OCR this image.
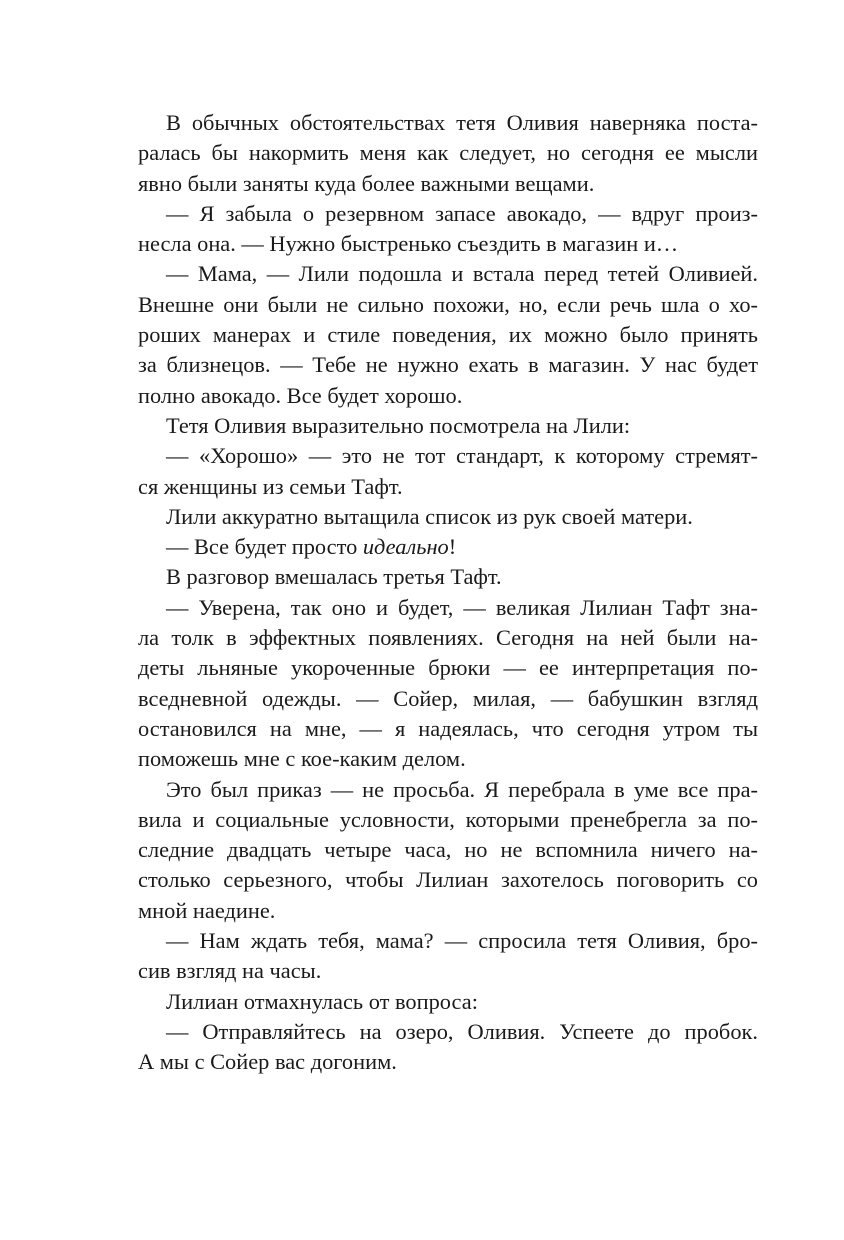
В обычных обстоятельствах тетя Оливия наверняка поста-
ралась бы накормить меня как следует, но сегодня ее мысли
явно были заняты куда более важными вещами.
— Я забыла о резервном запасе авокадо, — вдруг произ-
несла она. — Нужно быстренько съездить в магазин и…
— Мама, — Лили подошла и встала перед тетей Оливией.
Внешне они были не сильно похожи, но, если речь шла о хо-
роших манерах и стиле поведения, их можно было принять
за близнецов. — Тебе не нужно ехать в магазин. У нас будет
полно авокадо. Все будет хорошо.
Тетя Оливия выразительно посмотрела на Лили:
— «Хорошо» — это не тот стандарт, к которому стремят-
ся женщины из семьи Тафт.
Лили аккуратно вытащила список из рук своей матери.
— Все будет просто идеально!
В разговор вмешалась третья Тафт.
— Уверена, так оно и будет, — великая Лилиан Тафт зна-
ла толк в эффектных появлениях. Сегодня на ней были на-
деты льняные укороченные брюки — ее интерпретация по-
вседневной одежды. — Сойер, милая, — бабушкин взгляд
остановился на мне, — я надеялась, что сегодня утром ты
поможешь мне с кое-каким делом.
Это был приказ — не просьба. Я перебрала в уме все пра-
вила и социальные условности, которыми пренебрегла за по-
следние двадцать четыре часа, но не вспомнила ничего на-
столько серьезного, чтобы Лилиан захотелось поговорить со
мной наедине.
— Нам ждать тебя, мама? — спросила тетя Оливия, бро-
сив взгляд на часы.
Лилиан отмахнулась от вопроса:
— Отправляйтесь на озеро, Оливия. Успеете до пробок.
А мы с Сойер вас догоним.
